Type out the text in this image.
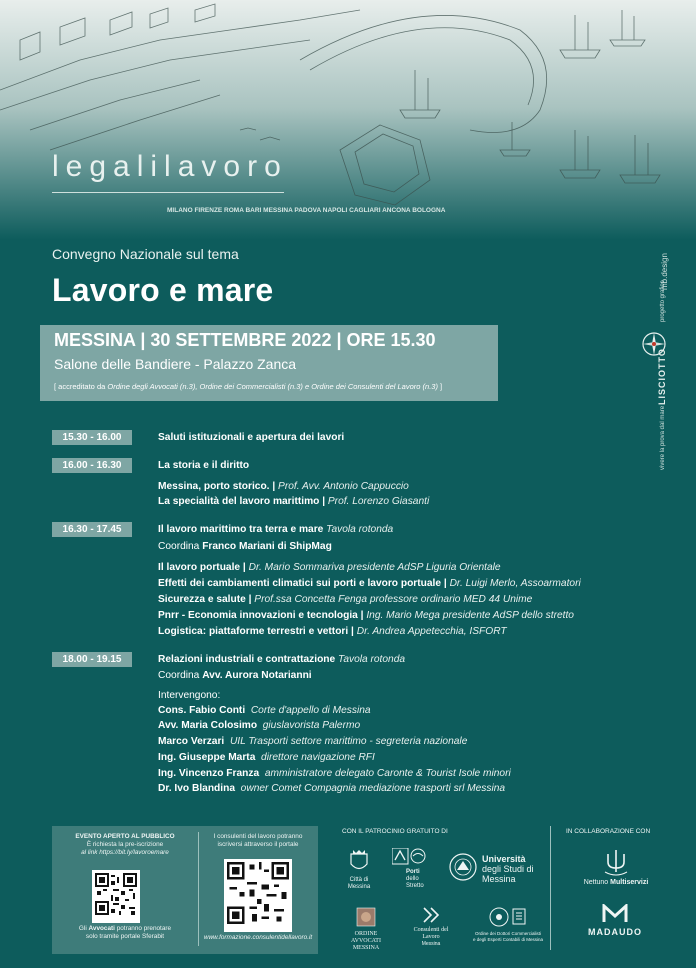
legalilavoro
MILANO FIRENZE ROMA BARI MESSINA PADOVA NAPOLI CAGLIARI ANCONA BOLOGNA
Convegno Nazionale sul tema
Lavoro e mare
MESSINA | 30 SETTEMBRE 2022 | ORE 15.30
Salone delle Bandiere - Palazzo Zanca
[ accreditato da Ordine degli Avvocati (n.3), Ordine dei Commercialisti (n.3) e Ordine dei Consulenti del Lavoro (n.3) ]
mb.design
progetto grafico
LISCIOTTO
vivere la prova dal mare
15.30 - 16.00	Saluti istituzionali e apertura dei lavori
16.00 - 16.30	La storia e il diritto
Messina, porto storico. | Prof. Avv. Antonio Cappuccio
La specialità del lavoro marittimo | Prof. Lorenzo Giasanti
16.30 - 17.45	Il lavoro marittimo tra terra e mare Tavola rotonda
Coordina Franco Mariani di ShipMag
Il lavoro portuale | Dr. Mario Sommariva presidente AdSP Liguria Orientale
Effetti dei cambiamenti climatici sui porti e lavoro portuale | Dr. Luigi Merlo, Assoarmatori
Sicurezza e salute | Prof.ssa Concetta Fenga professore ordinario MED 44 Unime
Pnrr - Economia innovazioni e tecnologia | Ing. Mario Mega presidente AdSP dello stretto
Logistica: piattaforme terrestri e vettori | Dr. Andrea Appetecchia, ISFORT
18.00 - 19.15	Relazioni industriali e contrattazione Tavola rotonda
Coordina Avv. Aurora Notarianni
Intervengono:
Cons. Fabio Conti Corte d'appello di Messina
Avv. Maria Colosimo giuslavorista Palermo
Marco Verzari UIL Trasporti settore marittimo - segreteria nazionale
Ing. Giuseppe Marta direttore navigazione RFI
Ing. Vincenzo Franza amministratore delegato Caronte & Tourist Isole minori
Dr. Ivo Blandina owner Comet Compagnia mediazione trasporti srl Messina
EVENTO APERTO AL PUBBLICO
È richiesta la pre-iscrizione
al link https://bit.ly/lavoroemare
Gli Avvocati potranno prenotare
solo tramite portale Sferabit
I consulenti del lavoro potranno
iscriversi attraverso il portale
www.formazione.consulentidellavoro.it
CON IL PATROCINIO GRATUITO DI	IN COLLABORAZIONE CON
Città di Messina
Porti
dello
Stretto
Università
degli Studi di
Messina
ORDINE AVVOCATI
MESSINA
Consulenti del Lavoro
Messina
Ordine dei Dottori Commercialisti
e degli Esperti Contabili di Messina
Nettuno Multiservizi
MADAUDO
